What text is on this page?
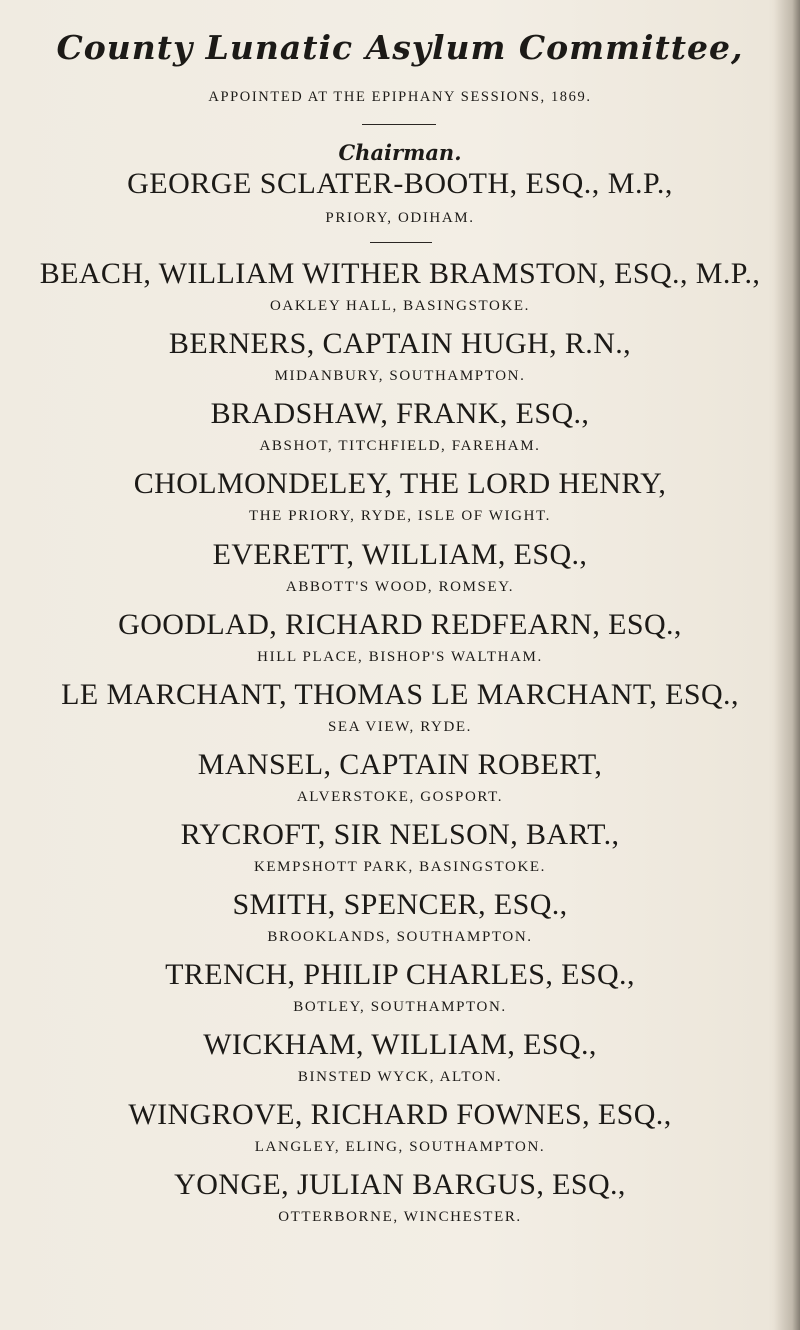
County Lunatic Asylum Committee,
APPOINTED AT THE EPIPHANY SESSIONS, 1869.
Chairman.
GEORGE SCLATER-BOOTH, ESQ., M.P.,
PRIORY, ODIHAM.
BEACH, WILLIAM WITHER BRAMSTON, ESQ., M.P.,
OAKLEY HALL, BASINGSTOKE.
BERNERS, CAPTAIN HUGH, R.N.,
MIDANBURY, SOUTHAMPTON.
BRADSHAW, FRANK, ESQ.,
ABSHOT, TITCHFIELD, FAREHAM.
CHOLMONDELEY, THE LORD HENRY,
THE PRIORY, RYDE, ISLE OF WIGHT.
EVERETT, WILLIAM, ESQ.,
ABBOTT'S WOOD, ROMSEY.
GOODLAD, RICHARD REDFEARN, ESQ.,
HILL PLACE, BISHOP'S WALTHAM.
LE MARCHANT, THOMAS LE MARCHANT, ESQ.,
SEA VIEW, RYDE.
MANSEL, CAPTAIN ROBERT,
ALVERSTOKE, GOSPORT.
RYCROFT, SIR NELSON, BART.,
KEMPSHOTT PARK, BASINGSTOKE.
SMITH, SPENCER, ESQ.,
BROOKLANDS, SOUTHAMPTON.
TRENCH, PHILIP CHARLES, ESQ.,
BOTLEY, SOUTHAMPTON.
WICKHAM, WILLIAM, ESQ.,
BINSTED WYCK, ALTON.
WINGROVE, RICHARD FOWNES, ESQ.,
LANGLEY, ELING, SOUTHAMPTON.
YONGE, JULIAN BARGUS, ESQ.,
OTTERBORNE, WINCHESTER.
